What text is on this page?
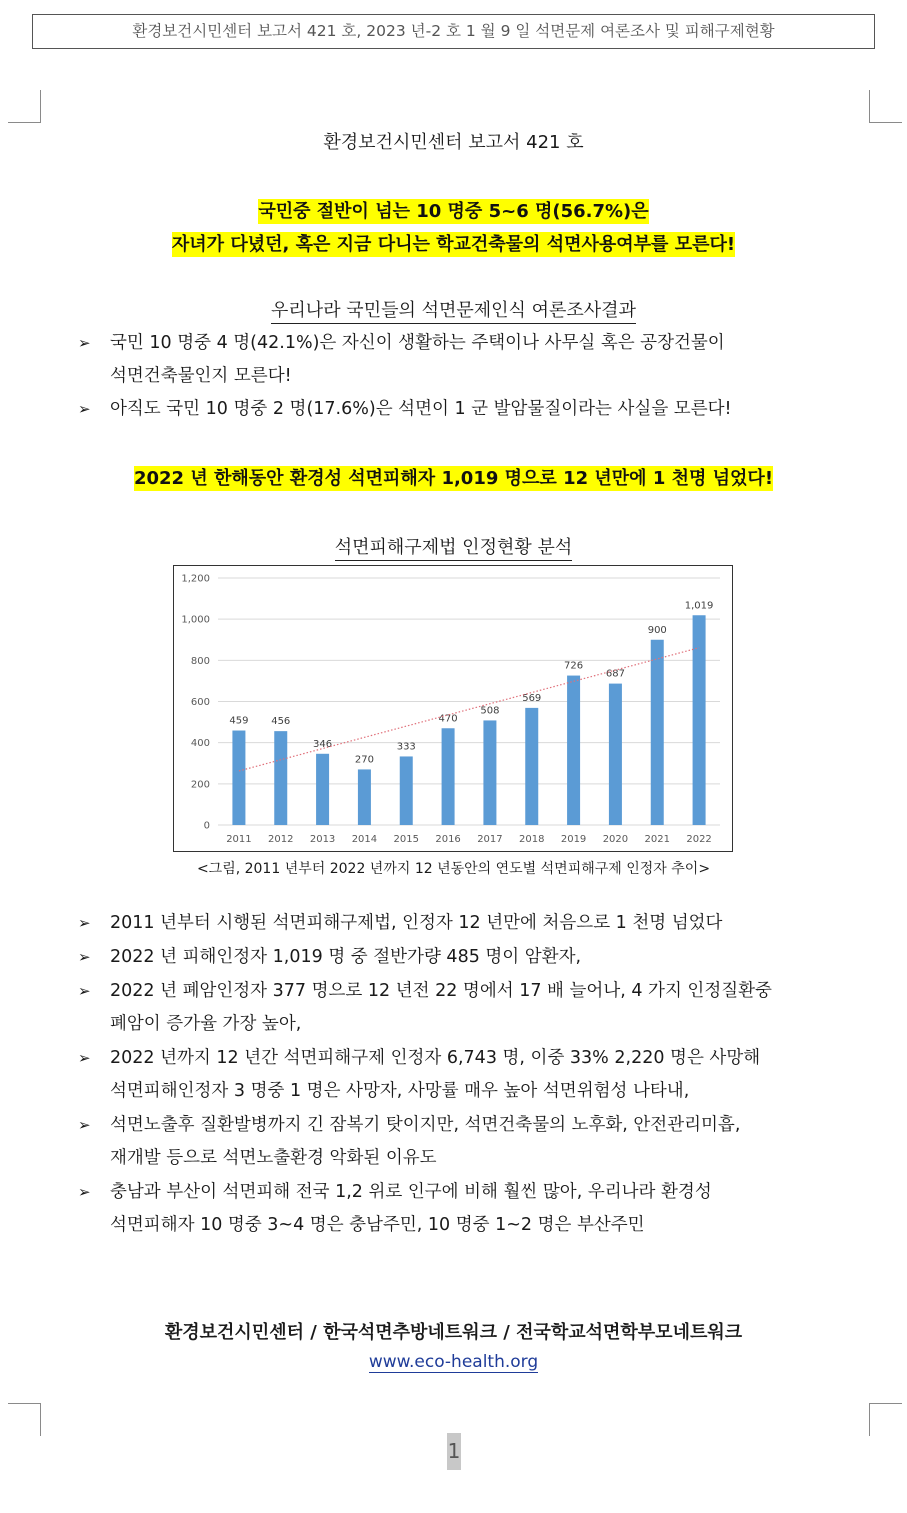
환경보건시민센터 보고서 421 호, 2023 년-2 호 1 월 9 일 석면문제 여론조사 및 피해구제현황
환경보건시민센터 보고서 421 호
국민중 절반이 넘는 10 명중 5~6 명(56.7%)은
자녀가 다녔던, 혹은 지금 다니는 학교건축물의 석면사용여부를 모른다!
우리나라 국민들의 석면문제인식 여론조사결과
➢ 국민 10 명중 4 명(42.1%)은 자신이 생활하는 주택이나 사무실 혹은 공장건물이
석면건축물인지 모른다!
➢ 아직도 국민 10 명중 2 명(17.6%)은 석면이 1 군 발암물질이라는 사실을 모른다!
2022 년 한해동안 환경성 석면피해자 1,019 명으로 12 년만에 1 천명 넘었다!
석면피해구제법 인정현황 분석
0
200
400
600
800
1,000
1,200
459
2011
456
2012
346
2013
270
2014
333
2015
470
2016
508
2017
569
2018
726
2019
687
2020
900
2021
1,019
2022
<그림, 2011 년부터 2022 년까지 12 년동안의 연도별 석면피해구제 인정자 추이>
➢ 2011 년부터 시행된 석면피해구제법, 인정자 12 년만에 처음으로 1 천명 넘었다
➢ 2022 년 피해인정자 1,019 명 중 절반가량 485 명이 암환자,
➢ 2022 년 폐암인정자 377 명으로 12 년전 22 명에서 17 배 늘어나, 4 가지 인정질환중
폐암이 증가율 가장 높아,
➢ 2022 년까지 12 년간 석면피해구제 인정자 6,743 명, 이중 33% 2,220 명은 사망해
석면피해인정자 3 명중 1 명은 사망자, 사망률 매우 높아 석면위험성 나타내,
➢ 석면노출후 질환발병까지 긴 잠복기 탓이지만, 석면건축물의 노후화, 안전관리미흡,
재개발 등으로 석면노출환경 악화된 이유도
➢ 충남과 부산이 석면피해 전국 1,2 위로 인구에 비해 훨씬 많아, 우리나라 환경성
석면피해자 10 명중 3~4 명은 충남주민, 10 명중 1~2 명은 부산주민
환경보건시민센터 / 한국석면추방네트워크 / 전국학교석면학부모네트워크
www.eco-health.org
1
